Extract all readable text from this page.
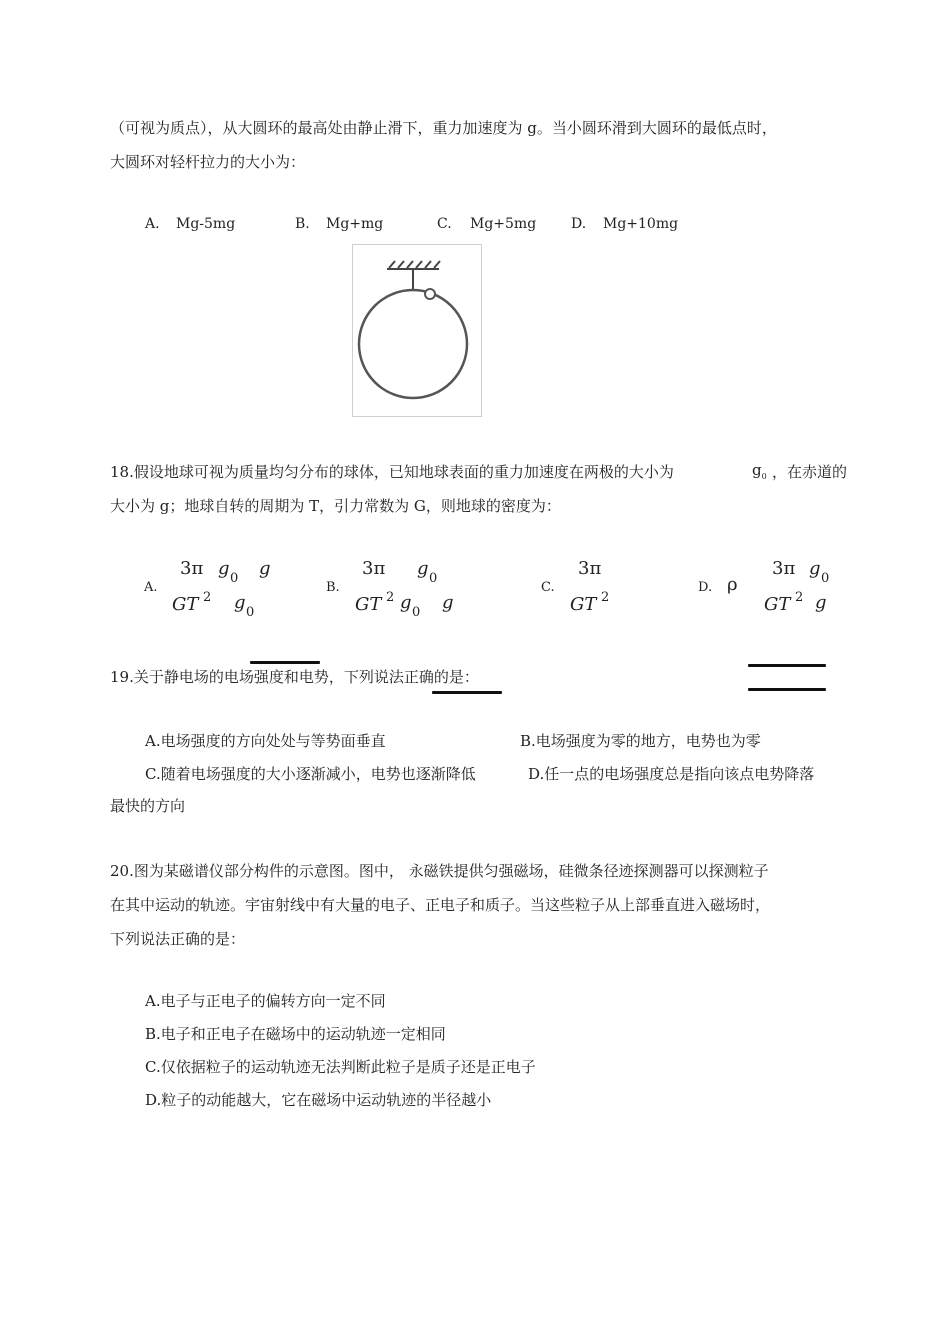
（可视为质点），从大圆环的最高处由静止滑下，重力加速度为 g。当小圆环滑到大圆环的最低点时，
大圆环对轻杆拉力的大小为：
A. Mg-5mg	B. Mg+mg	C. Mg+5mg D. Mg+10mg
18.假设地球可视为质量均匀分布的球体，已知地球表面的重力加速度在两极的大小为	$g_0$ ，在赤道的
大小为 g；地球自转的周期为 T，引力常数为 G，则地球的密度为：
A.
3π g 0 g
GT 2 g 0
B.
3π g 0
GT 2 g 0 g
C.
3π
GT 2
D. ρ
3π g 0
GT 2 g
19.关于静电场的电场强度和电势，下列说法正确的是：
A.电场强度的方向处处与等势面垂直	B.电场强度为零的地方，电势也为零
C.随着电场强度的大小逐渐减小，电势也逐渐降低	D.任一点的电场强度总是指向该点电势降落
最快的方向
20.图为某磁谱仪部分构件的示意图。图中， 永磁铁提供匀强磁场，硅微条径迹探测器可以探测粒子
在其中运动的轨迹。宇宙射线中有大量的电子、正电子和质子。当这些粒子从上部垂直进入磁场时，
下列说法正确的是：
A.电子与正电子的偏转方向一定不同
B.电子和正电子在磁场中的运动轨迹一定相同
C.仅依据粒子的运动轨迹无法判断此粒子是质子还是正电子
D.粒子的动能越大，它在磁场中运动轨迹的半径越小
